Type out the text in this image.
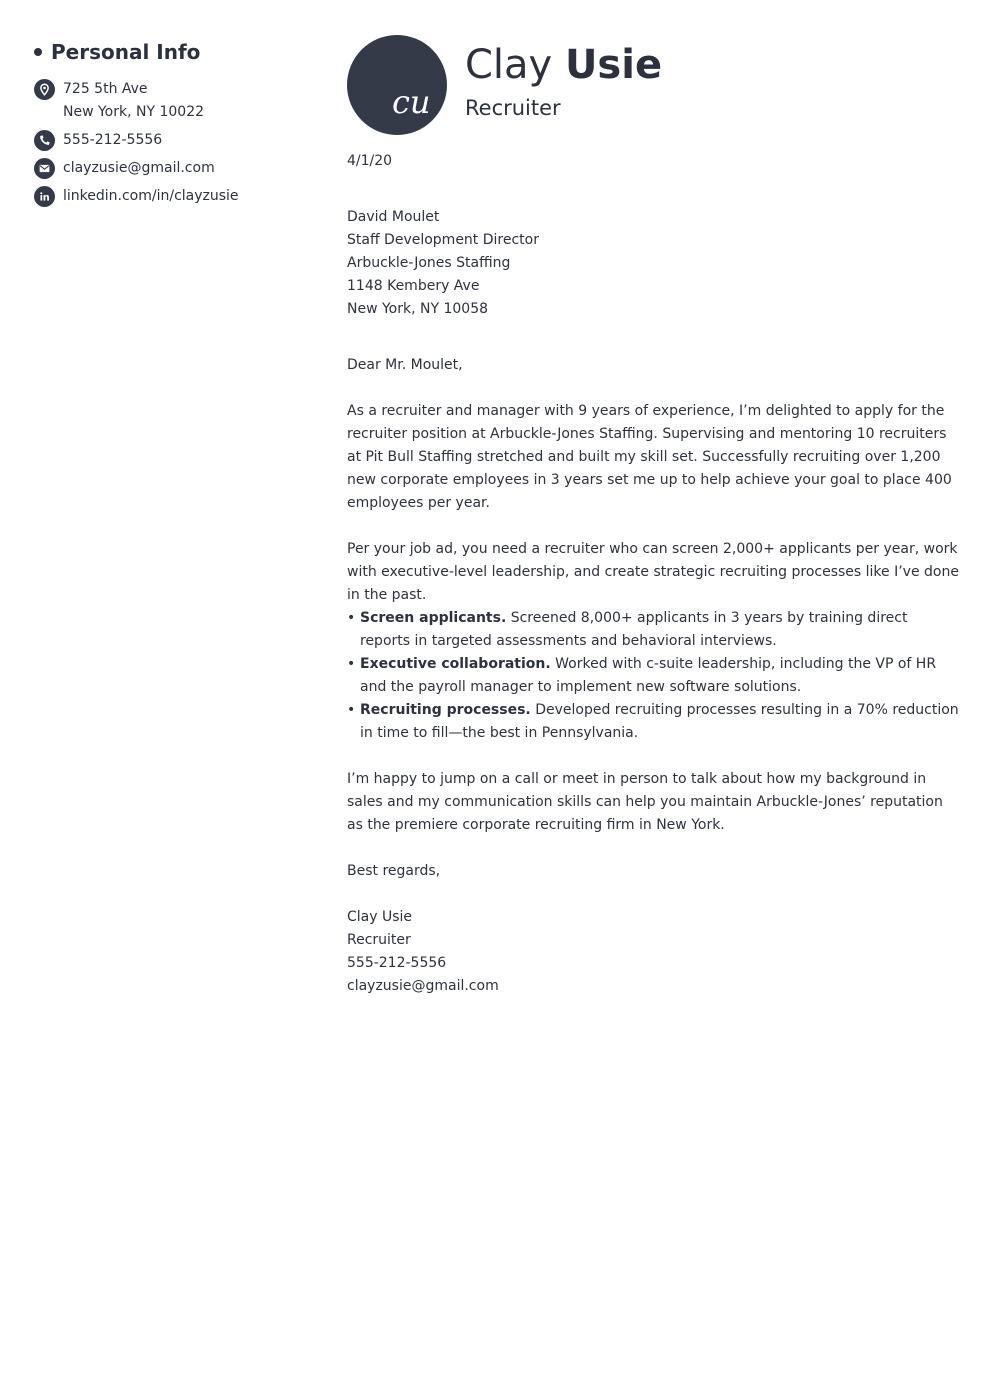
Personal Info
725 5th Ave
New York, NY 10022
555-212-5556
clayzusie@gmail.com
linkedin.com/in/clayzusie
cu
Clay Usie
Recruiter

4/1/20

David Moulet

Staff Development Director

Arbuckle-Jones Staffing

1148 Kembery Ave

New York, NY 10058

Dear Mr. Moulet,

As a recruiter and manager with 9 years of experience, I’m delighted to apply for the recruiter position at Arbuckle-Jones Staffing. Supervising and mentoring 10 recruiters at Pit Bull Staffing stretched and built my skill set. Successfully recruiting over 1,200 new corporate employees in 3 years set me up to help achieve your goal to place 400 employees per year.

Per your job ad, you need a recruiter who can screen 2,000+ applicants per year, work with executive-level leadership, and create strategic recruiting processes like I’ve done in the past.

• Screen applicants. Screened 8,000+ applicants in 3 years by training direct reports in targeted assessments and behavioral interviews.
• Executive collaboration. Worked with c-suite leadership, including the VP of HR and the payroll manager to implement new software solutions.
• Recruiting processes. Developed recruiting processes resulting in a 70% reduction in time to fill—the best in Pennsylvania.

I’m happy to jump on a call or meet in person to talk about how my background in sales and my communication skills can help you maintain Arbuckle-Jones’ reputation as the premiere corporate recruiting firm in New York.

Best regards,

Clay Usie

Recruiter

555-212-5556

clayzusie@gmail.com
